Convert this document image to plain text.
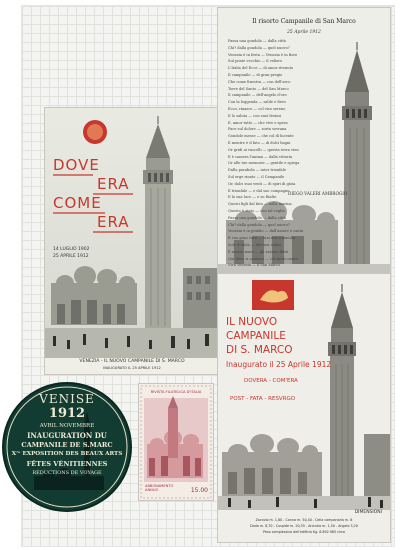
DOVE
ERA
COME
ERA
14 LUGLIO 1902
25 APRILE 1912
VENEZIA - IL NUOVO CAMPANILE DI S. MARCO
INAUGURATO IL 25 APRILE 1912
Il risorto Campanile di San Marco
25 Aprile 1912
Passa una gondola — dalla città
Chi? dalla gondola — quel nuovo?
Venezia è in festa — Venezia è in fiore
Sul ponte vecchio — il veliero
L'Italia del Ecce — di amor ritenuto
Il campanile — di gran pregio
Che come finestra — con dell'arco
Torre del Santo — del San Marco
Il campanile — dell'angelo d'oro
Con la leggenda — salde e fiero
Ecco, rinasce — col viso sereno
E lo saluta — con suoi festosi
E, amor tutto — che vive e spera
Pace sul dolore — sorta sovrana
Gondole messe — che col dì lucente
E mentre è il fato — di dolci bagni
Or gridi ai vascelli — questa terra vien
E è camera l'anima — dalla vittoria
Or alle tue memorie — gentile e spiega
Dalla parabola — inter trionfale
Sul erge rinato — il Campanile
Or, dolci suoi venti — di spiri di gioia
Il trionfale — e dal suo compagno
E la sua luce — e su Rialto
Questi figli dal fato — nella marina
Questo è stato — con tal voglia
Passa una gondola — dalla città
Chi? dalla gondola — quel nuovo?
Venezia è in giubilo — dall'amore e canta
E sua gran voce — mai non s'annulla
Sole d'Italia — dei tuoi valori
Il nostro mare — gli azzurri flutti
Qui dove si cantano — col santo onore
Viva Venezia — il San Marco
DIEGO VALERI AMBROGIO
IL NUOVO
CAMPANILE
DI S. MARCO
Inaugurato il 25 Aprile 1912
DOVERA - COM'ERA
POST - FATA - RESVRGO
DIMENSIONI
Zoccolo m. 1,80 - Canna m. 50,40 - Cella campanaria m. 8
Dado m. 8,70 - Cuspide m. 20,55 - Arcicolo m. 1,50 - Angelo 3,20
Peso complessivo dell'edificio Kg. 8.892.985 circa
RIVISTA FILATELICA D'ITALIA
ABBONAMENTO ANNUO	15.00
VENISE
1912
AVRIL NOVEMBRE
INAUGURATION DU
CAMPANILE DE S.MARC
X’ᵉ EXPOSITION DES BEAUX ARTS
FÊTES VÉNITIENNES
RÉDUCTIONS DE VOYAGE
